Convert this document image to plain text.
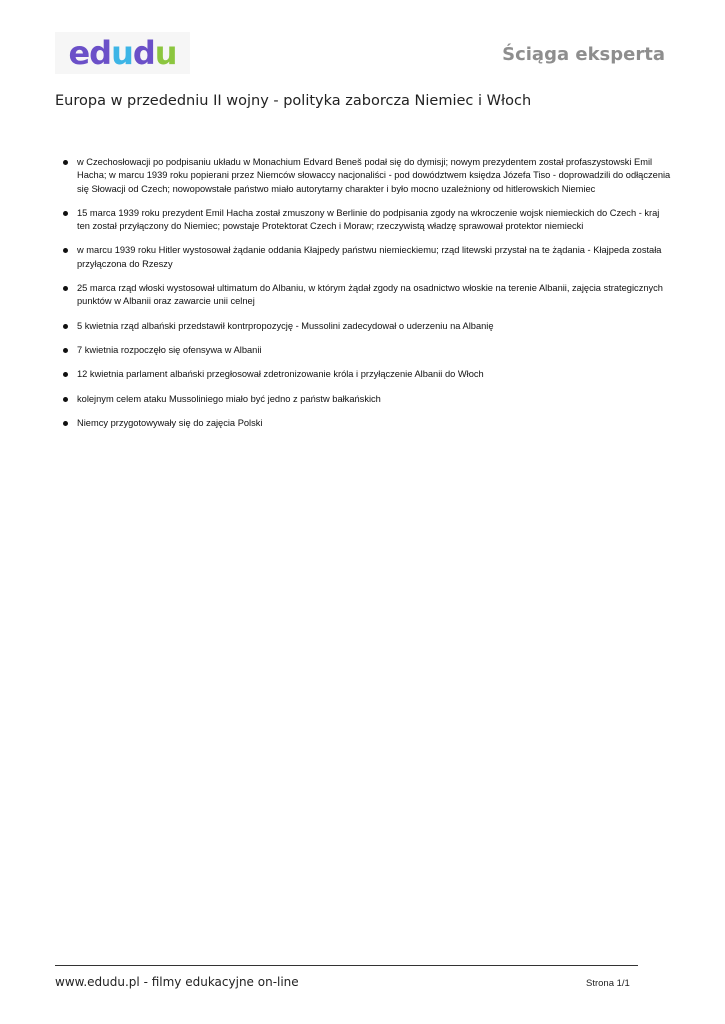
e d u d u	Ściąga eksperta
Europa w przededniu II wojny - polityka zaborcza Niemiec i Włoch
w Czechosłowacji po podpisaniu układu w Monachium Edvard Beneš podał się do dymisji; nowym prezydentem został profaszystowski Emil Hacha; w marcu 1939 roku popierani przez Niemców słowaccy nacjonaliści - pod dowództwem księdza Józefa Tiso - doprowadzili do odłączenia się Słowacji od Czech; nowopowstałe państwo miało autorytarny charakter i było mocno uzależniony od hitlerowskich Niemiec
15 marca 1939 roku prezydent Emil Hacha został zmuszony w Berlinie do podpisania zgody na wkroczenie wojsk niemieckich do Czech - kraj ten został przyłączony do Niemiec; powstaje Protektorat Czech i Moraw; rzeczywistą władzę sprawował protektor niemiecki
w marcu 1939 roku Hitler wystosował żądanie oddania Kłajpedy państwu niemieckiemu; rząd litewski przystał na te żądania - Kłajpeda została przyłączona do Rzeszy
25 marca rząd włoski wystosował ultimatum do Albaniu, w którym żądał zgody na osadnictwo włoskie na terenie Albanii, zajęcia strategicznych punktów w Albanii oraz zawarcie unii celnej
5 kwietnia rząd albański przedstawił kontrpropozycję - Mussolini zadecydował o uderzeniu na Albanię
7 kwietnia rozpoczęło się ofensywa w Albanii
12 kwietnia parlament albański przegłosował zdetronizowanie króla i przyłączenie Albanii do Włoch
kolejnym celem ataku Mussoliniego miało być jedno z państw bałkańskich
Niemcy przygotowywały się do zajęcia Polski
www.edudu.pl - filmy edukacyjne on-line	Strona 1/1
